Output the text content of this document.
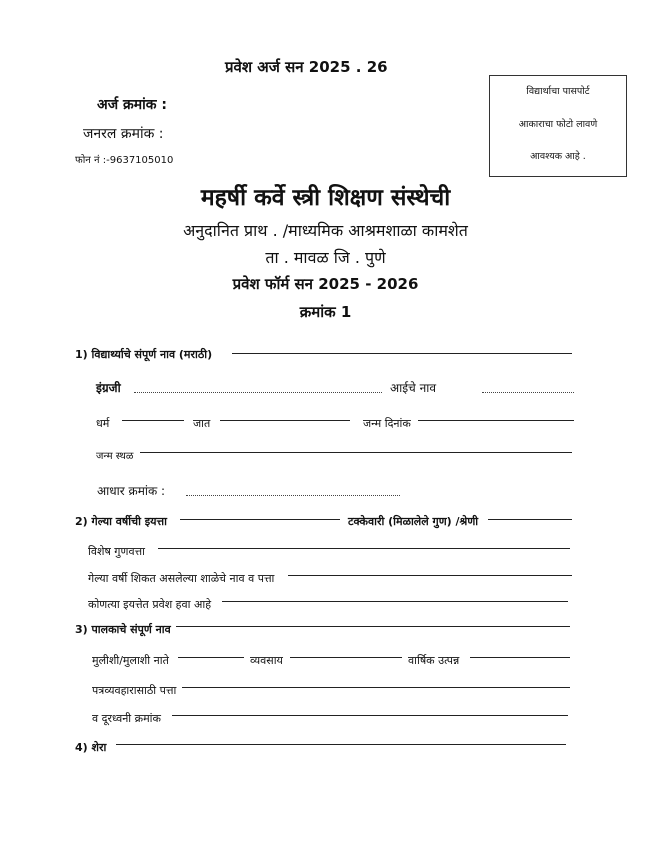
प्रवेश अर्ज सन 2025 . 26
अर्ज क्रमांक :
जनरल क्रमांक :
फोन नं :-9637105010
विद्यार्थाचा पासपोर्ट
आकाराचा फोटो लावणे
आवश्यक आहे .
महर्षी कर्वे स्त्री शिक्षण संस्थेची
अनुदानित प्राथ . /माध्यमिक आश्रमशाळा कामशेत
ता . मावळ जि . पुणे
प्रवेश फॉर्म सन 2025 - 2026
क्रमांक 1
1) विद्यार्थ्याचे संपूर्ण नाव (मराठी)
इंग्रजी	आईचे नाव
धर्म	जात	जन्म दिनांक
जन्म स्थळ
आधार क्रमांक :
2) गेल्या वर्षीची इयत्ता	टक्केवारी (मिळालेले गुण) /श्रेणी
विशेष गुणवत्ता
गेल्या वर्षी शिकत असलेल्या शाळेचे नाव व पत्ता
कोणत्या इयत्तेत प्रवेश हवा आहे
3) पालकाचे संपूर्ण नाव
मुलीशी/मुलाशी नाते	व्यवसाय	वार्षिक उत्पन्न
पत्रव्यवहारासाठी पत्ता
व दूरध्वनी क्रमांक
4) शेरा
